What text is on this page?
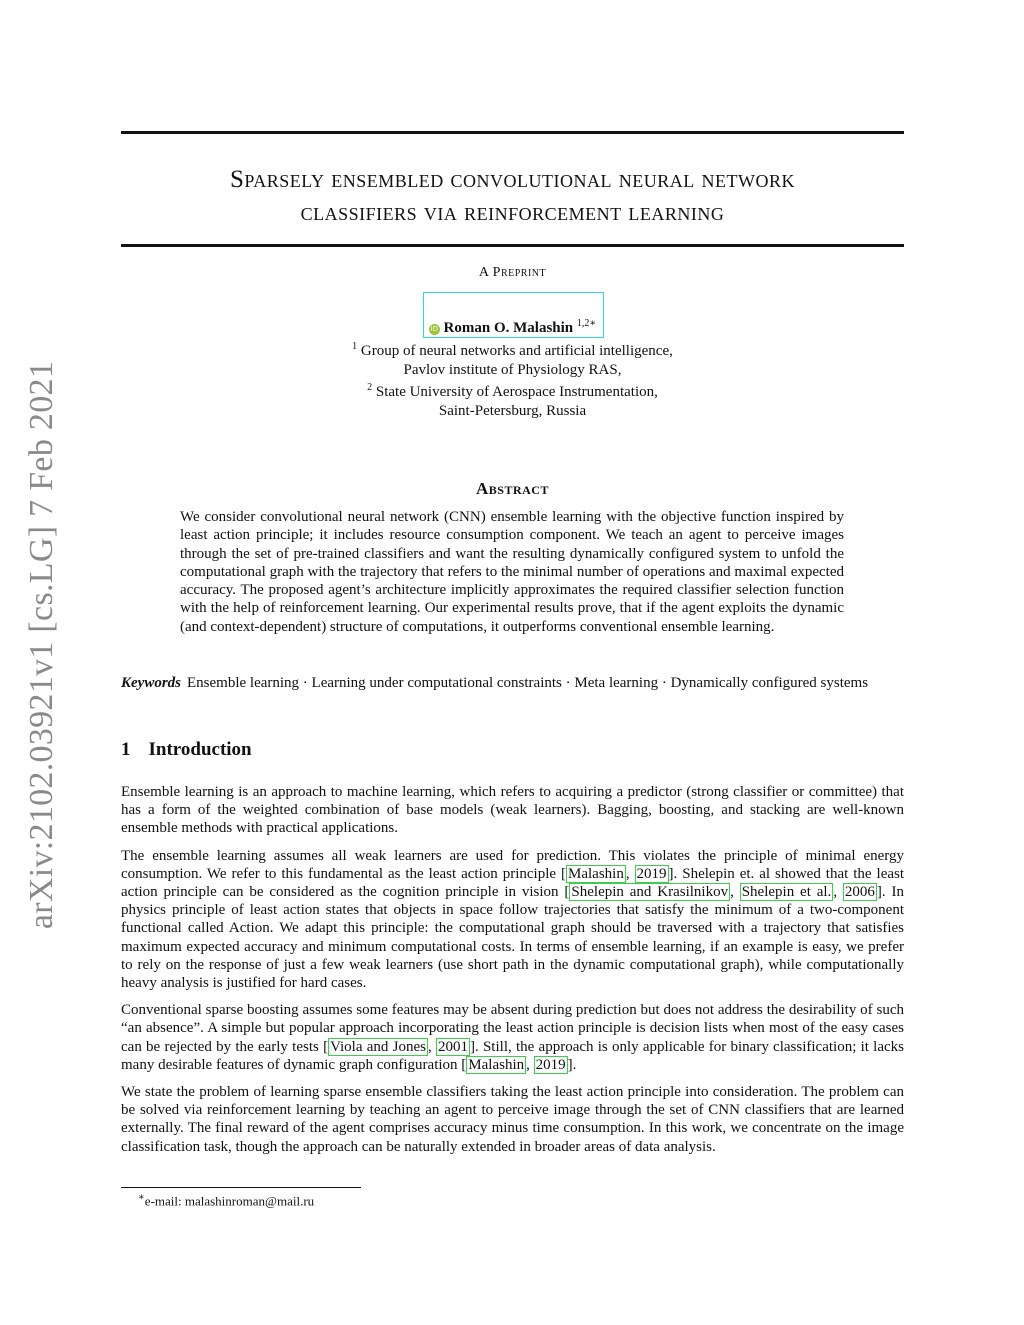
arXiv:2102.03921v1 [cs.LG] 7 Feb 2021
Sparsely ensembled convolutional neural network
classifiers via reinforcement learning
A Preprint
iD Roman O. Malashin $^{1,2∗}$
$^1$ Group of neural networks and artificial intelligence,
Pavlov institute of Physiology RAS,
$^2$ State University of Aerospace Instrumentation,
Saint-Petersburg, Russia
Abstract
We consider convolutional neural network (CNN) ensemble learning with the objective function inspired by least action principle; it includes resource consumption component. We teach an agent to perceive images through the set of pre-trained classifiers and want the resulting dynamically configured system to unfold the computational graph with the trajectory that refers to the minimal number of operations and maximal expected accuracy. The proposed agent’s architecture implicitly approximates the required classifier selection function with the help of reinforcement learning. Our experimental results prove, that if the agent exploits the dynamic (and context-dependent) structure of computations, it outperforms conventional ensemble learning.
Keywords Ensemble learning · Learning under computational constraints · Meta learning · Dynamically configured systems
1 Introduction

Ensemble learning is an approach to machine learning, which refers to acquiring a predictor (strong classifier or committee) that has a form of the weighted combination of base models (weak learners). Bagging, boosting, and stacking are well-known ensemble methods with practical applications.

The ensemble learning assumes all weak learners are used for prediction. This violates the principle of minimal energy consumption. We refer to this fundamental as the least action principle [ Malashin , 2019 ]. Shelepin et. al showed that the least action principle can be considered as the cognition principle in vision [ Shelepin and Krasilnikov , Shelepin et al. , 2006 ]. In physics principle of least action states that objects in space follow trajectories that satisfy the minimum of a two-component functional called Action. We adapt this principle: the computational graph should be traversed with a trajectory that satisfies maximum expected accuracy and minimum computational costs. In terms of ensemble learning, if an example is easy, we prefer to rely on the response of just a few weak learners (use short path in the dynamic computational graph), while computationally heavy analysis is justified for hard cases.

Conventional sparse boosting assumes some features may be absent during prediction but does not address the desirability of such “an absence”. A simple but popular approach incorporating the least action principle is decision lists when most of the easy cases can be rejected by the early tests [ Viola and Jones , 2001 ]. Still, the approach is only applicable for binary classification; it lacks many desirable features of dynamic graph configuration [ Malashin , 2019 ].

We state the problem of learning sparse ensemble classifiers taking the least action principle into consideration. The problem can be solved via reinforcement learning by teaching an agent to perceive image through the set of CNN classifiers that are learned externally. The final reward of the agent comprises accuracy minus time consumption. In this work, we concentrate on the image classification task, though the approach can be naturally extended in broader areas of data analysis.

∗e-mail: malashinroman@mail.ru
